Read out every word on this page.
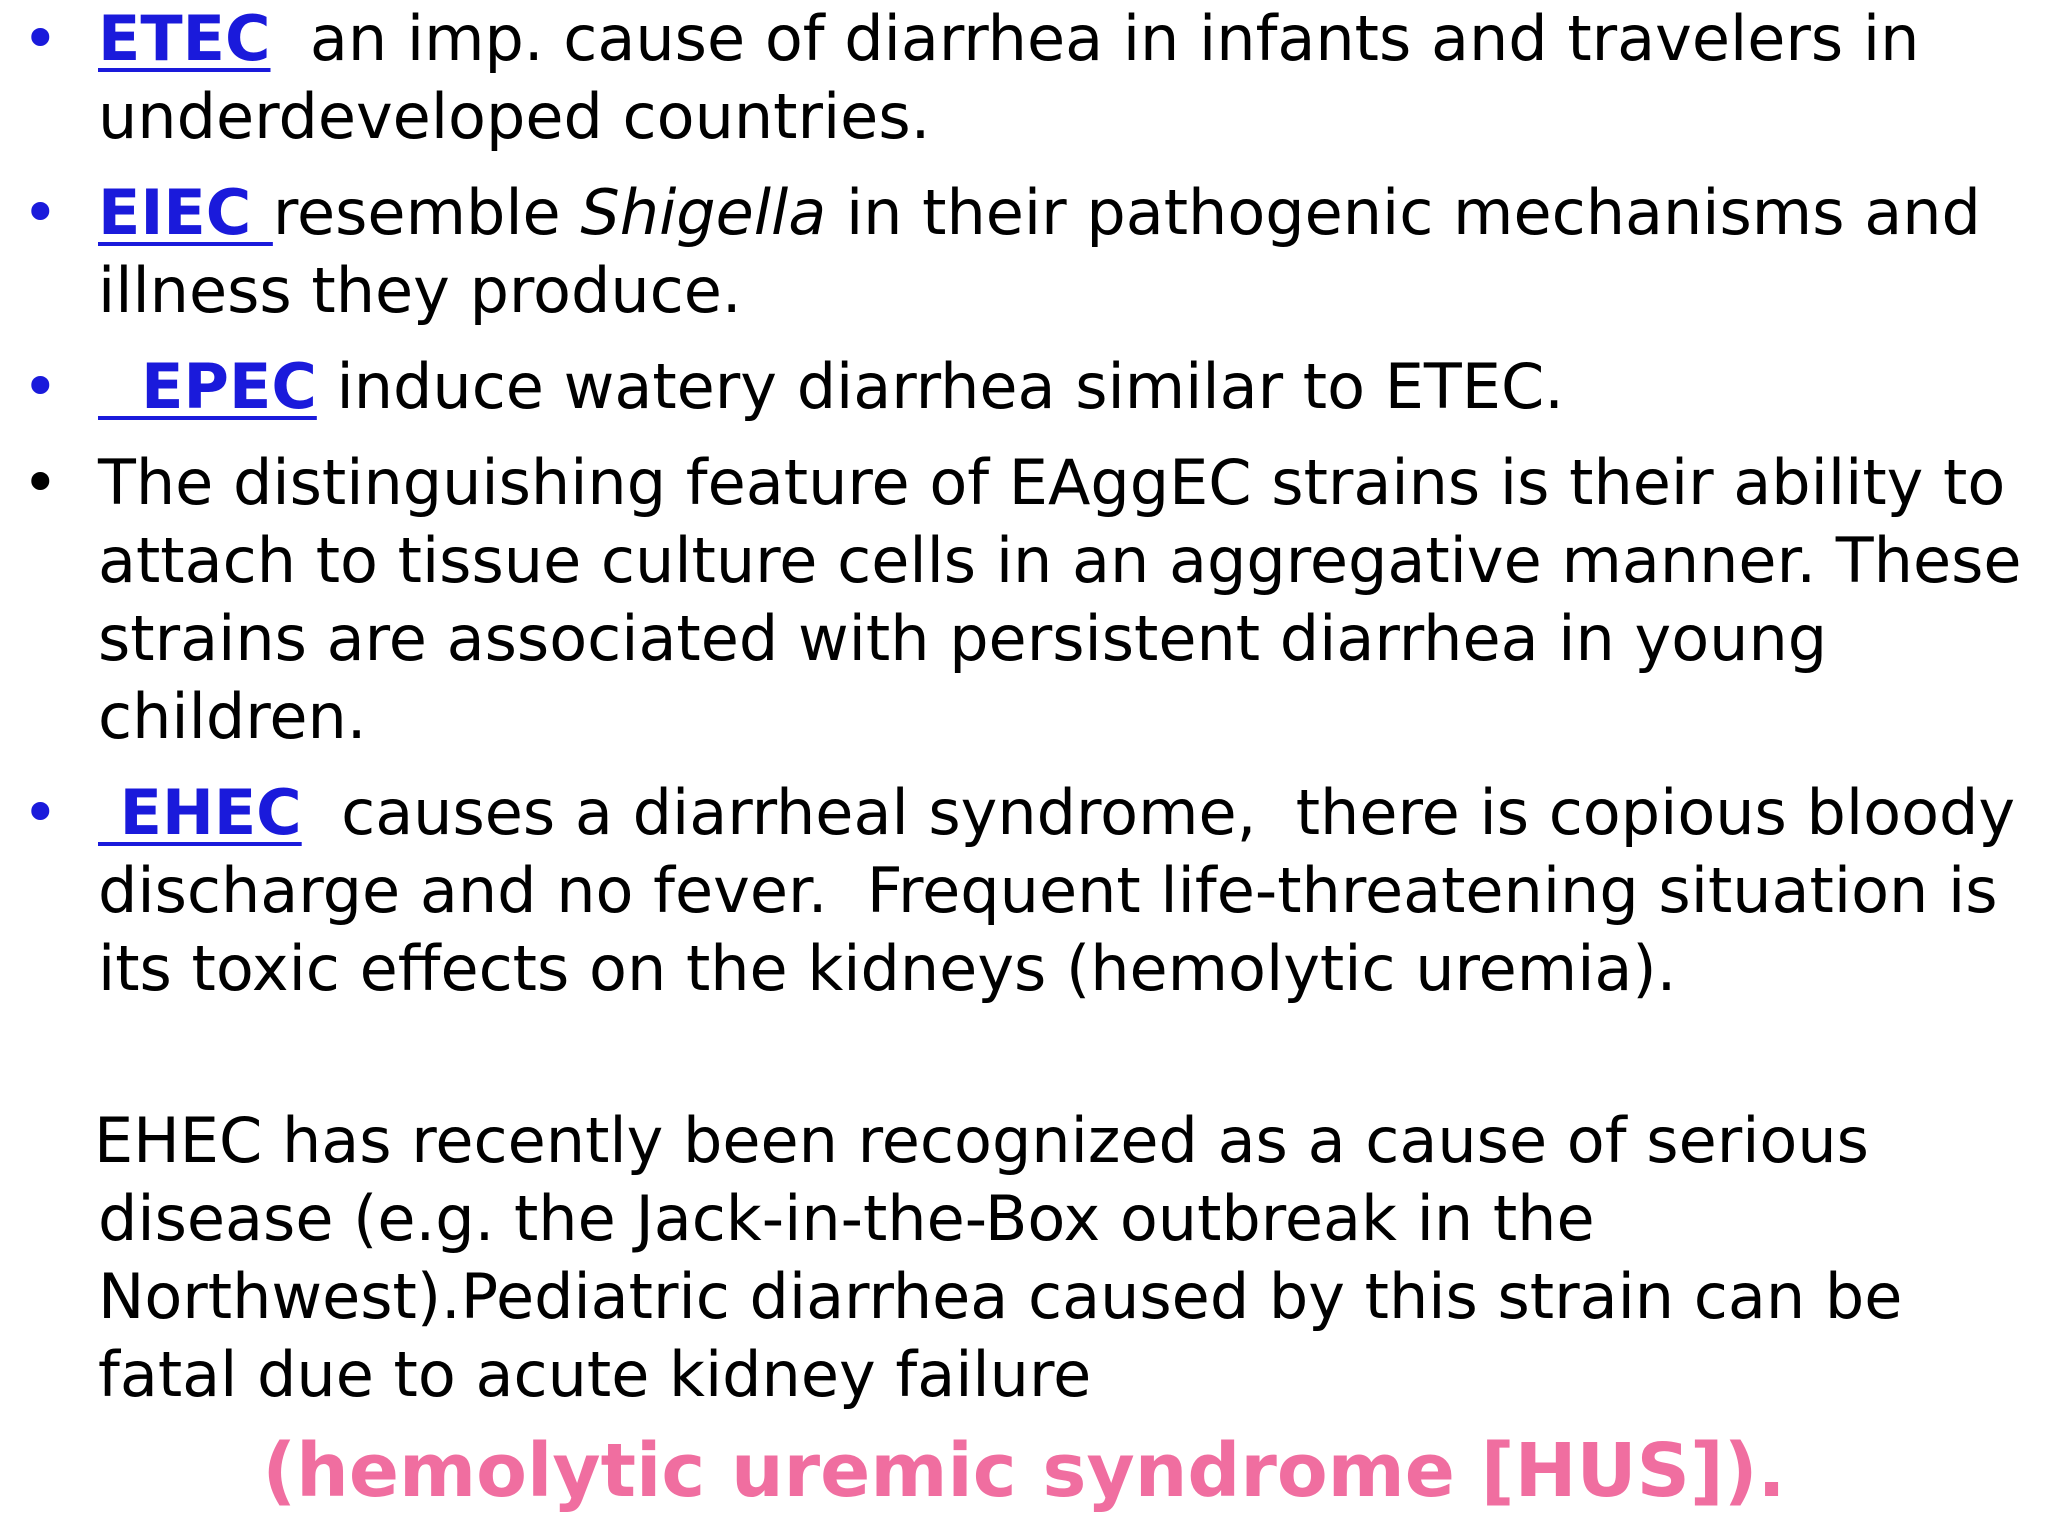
• ETEC  an imp. cause of diarrhea in infants and travelers in underdeveloped countries.
• EIEC resemble Shigella in their pathogenic mechanisms and illness they produce.
• EPEC induce watery diarrhea similar to ETEC.
• The distinguishing feature of EAggEC strains is their ability to attach to tissue culture cells in an aggregative manner. These strains are associated with persistent diarrhea in young children.
• EHEC  causes a diarrheal syndrome,  there is copious bloody discharge and no fever.  Frequent life-threatening situation is its toxic effects on the kidneys (hemolytic uremia).

EHEC has recently been recognized as a cause of serious disease (e.g. the Jack-in-the-Box outbreak in the Northwest).Pediatric diarrhea caused by this strain can be fatal due to acute kidney failure

(hemolytic uremic syndrome [HUS]).
